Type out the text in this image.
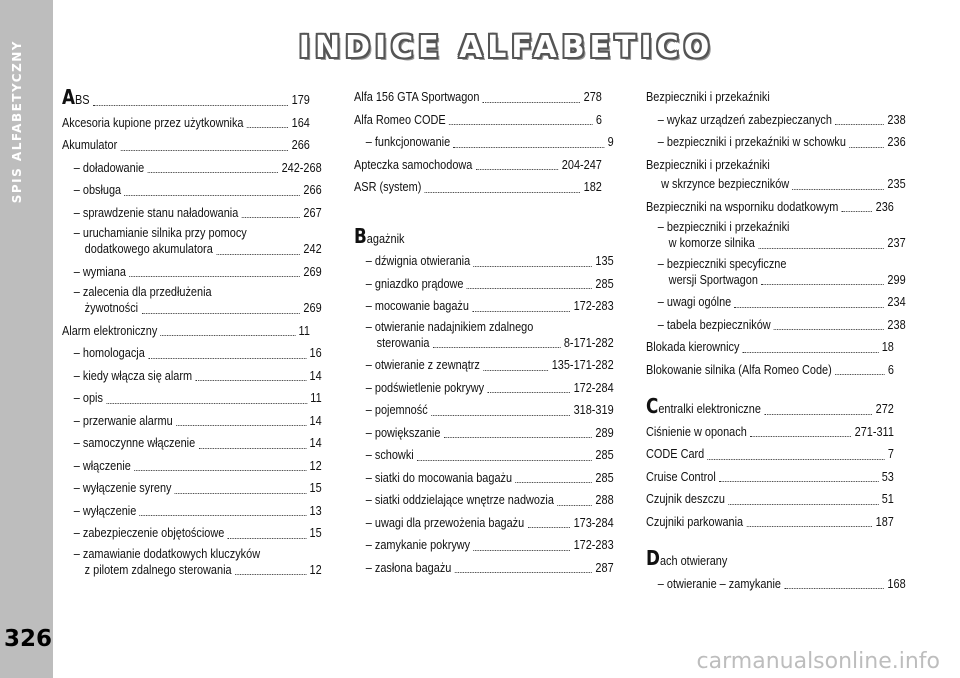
SPIS ALFABETYCZNY
326
INDICE ALFABETICO
ABS	179
Akcesoria kupione przez użytkownika	164
Akumulator	266
– doładowanie	242-268
– obsługa	266
– sprawdzenie stanu naładowania	267
– uruchamianie silnika przy pomocy
dodatkowego akumulatora	242
– wymiana	269
– zalecenia dla przedłużenia
żywotności	269
Alarm elektroniczny	11
– homologacja	16
– kiedy włącza się alarm	14
– opis	11
– przerwanie alarmu	14
– samoczynne włączenie	14
– włączenie	12
– wyłączenie syreny	15
– wyłączenie	13
– zabezpieczenie objętościowe	15
– zamawianie dodatkowych kluczyków
z pilotem zdalnego sterowania	12
Alfa 156 GTA Sportwagon	278
Alfa Romeo CODE	6
– funkcjonowanie	9
Apteczka samochodowa	204-247
ASR (system)	182
Bagażnik
– dźwignia otwierania	135
– gniazdko prądowe	285
– mocowanie bagażu	172-283
– otwieranie nadajnikiem zdalnego
sterowania	8-171-282
– otwieranie z zewnątrz	135-171-282
– podświetlenie pokrywy	172-284
– pojemność	318-319
– powiększanie	289
– schowki	285
– siatki do mocowania bagażu	285
– siatki oddzielające wnętrze nadwozia	288
– uwagi dla przewożenia bagażu	173-284
– zamykanie pokrywy	172-283
– zasłona bagażu	287
Bezpieczniki i przekaźniki
– wykaz urządzeń zabezpieczanych	238
– bezpieczniki i przekaźniki w schowku	236
Bezpieczniki i przekaźniki
w skrzynce bezpieczników	235
Bezpieczniki na wsporniku dodatkowym	236
– bezpieczniki i przekaźniki
w komorze silnika	237
– bezpieczniki specyficzne
wersji Sportwagon	299
– uwagi ogólne	234
– tabela bezpieczników	238
Blokada kierownicy	18
Blokowanie silnika (Alfa Romeo Code)	6
Centralki elektroniczne	272
Ciśnienie w oponach	271-311
CODE Card	7
Cruise Control	53
Czujnik deszczu	51
Czujniki parkowania	187
Dach otwierany
– otwieranie – zamykanie	168
carmanualsonline.info
